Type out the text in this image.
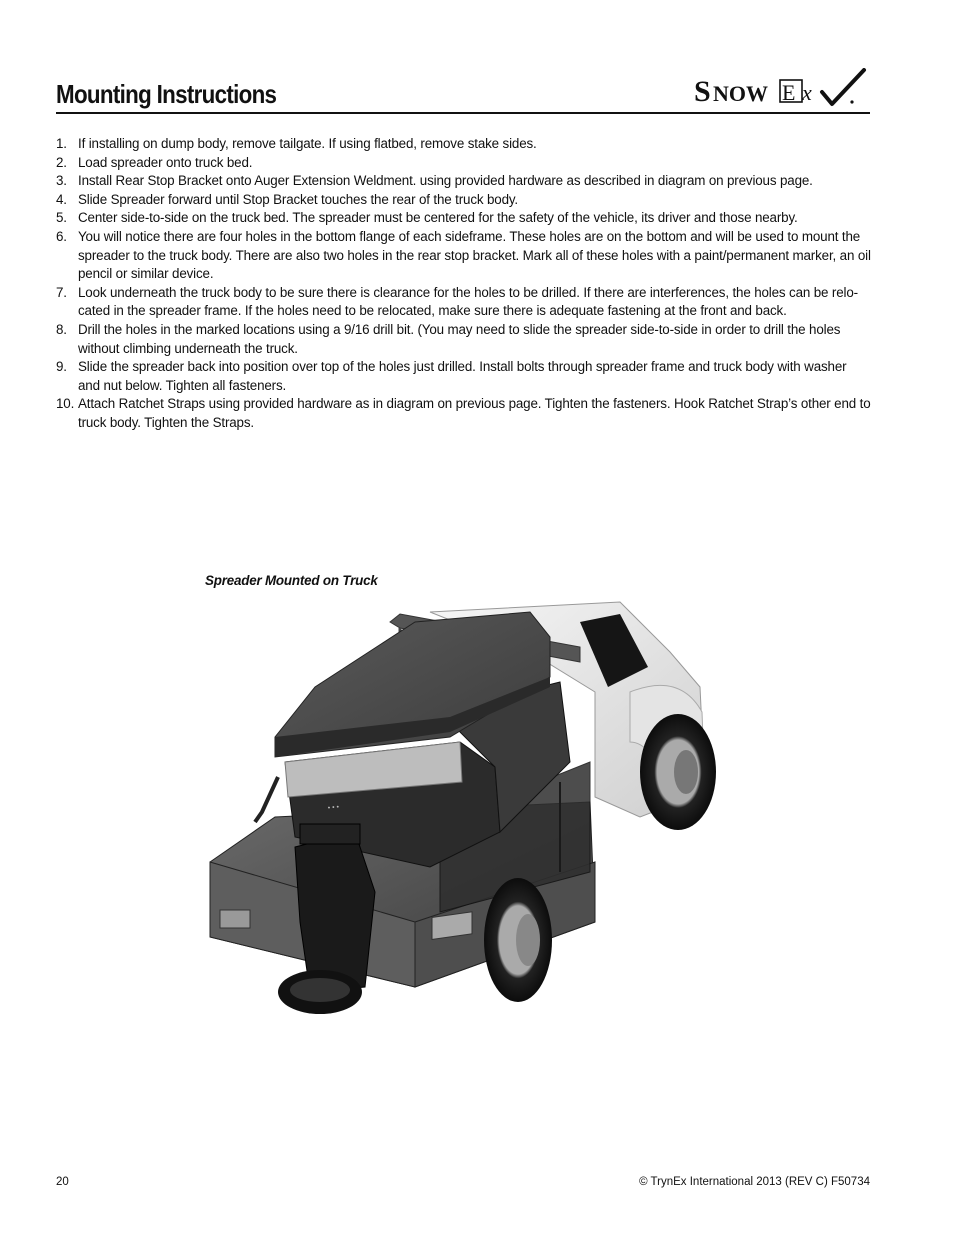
Mounting Instructions	S NOW E x
1. If installing on dump body, remove tailgate. If using flatbed, remove stake sides.
2. Load spreader onto truck bed.
3. Install Rear Stop Bracket onto Auger Extension Weldment. using provided hardware as described in diagram on previous page.
4. Slide Spreader forward until Stop Bracket touches the rear of the truck body.
5. Center side-to-side on the truck bed. The spreader must be centered for the safety of the vehicle, its driver and those nearby.
6. You will notice there are four holes in the bottom flange of each sideframe. These holes are on the bottom and will be used to mount the spreader to the truck body. There are also two holes in the rear stop bracket. Mark all of these holes with a paint/permanent marker, an oil pencil or similar device.
7. Look underneath the truck body to be sure there is clearance for the holes to be drilled. If there are interferences, the holes can be relo- cated in the spreader frame. If the holes need to be relocated, make sure there is adequate fastening at the front and back.
8. Drill the holes in the marked locations using a 9/16 drill bit. (You may need to slide the spreader side-to-side in order to drill the holes without climbing underneath the truck.
9. Slide the spreader back into position over top of the holes just drilled. Install bolts through spreader frame and truck body with washer and nut below. Tighten all fasteners.
10. Attach Ratchet Straps using provided hardware as in diagram on previous page. Tighten the fasteners. Hook Ratchet Strap’s other end to truck body. Tighten the Straps.
Spreader Mounted on Truck
• • •
20	© TrynEx International 2013 (REV C) F50734
